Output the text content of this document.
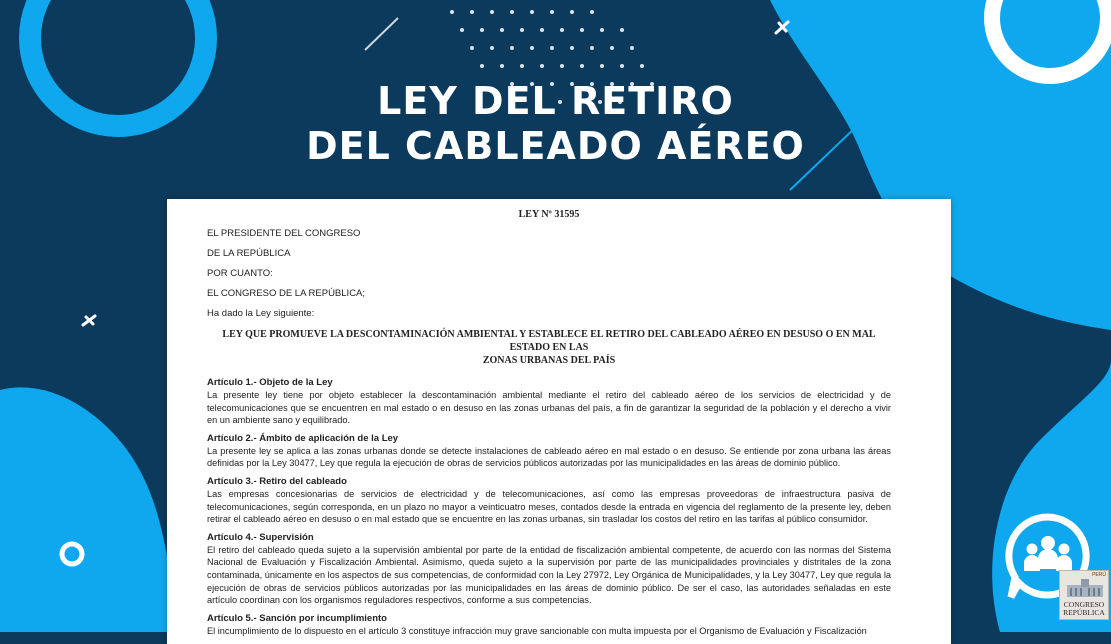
LEY DEL RETIRO
DEL CABLEADO AÉREO
LEY Nº 31595
EL PRESIDENTE DEL CONGRESO
DE LA REPÚBLICA
POR CUANTO:
EL CONGRESO DE LA REPÚBLICA;
Ha dado la Ley siguiente:
LEY QUE PROMUEVE LA DESCONTAMINACIÓN AMBIENTAL Y ESTABLECE EL RETIRO DEL CABLEADO AÉREO EN DESUSO O EN MAL ESTADO EN LAS
ZONAS URBANAS DEL PAÍS
Artículo 1.- Objeto de la Ley
La presente ley tiene por objeto establecer la descontaminación ambiental mediante el retiro del cableado aéreo de los servicios de electricidad y de telecomunicaciones que se encuentren en mal estado o en desuso en las zonas urbanas del país, a fin de garantizar la seguridad de la población y el derecho a vivir en un ambiente sano y equilibrado.
Artículo 2.- Ámbito de aplicación de la Ley
La presente ley se aplica a las zonas urbanas donde se detecte instalaciones de cableado aéreo en mal estado o en desuso. Se entiende por zona urbana las áreas definidas por la Ley 30477, Ley que regula la ejecución de obras de servicios públicos autorizadas por las municipalidades en las áreas de dominio público.
Artículo 3.- Retiro del cableado
Las empresas concesionarias de servicios de electricidad y de telecomunicaciones, así como las empresas proveedoras de infraestructura pasiva de telecomunicaciones, según corresponda, en un plazo no mayor a veinticuatro meses, contados desde la entrada en vigencia del reglamento de la presente ley, deben retirar el cableado aéreo en desuso o en mal estado que se encuentre en las zonas urbanas, sin trasladar los costos del retiro en las tarifas al público consumidor.
Artículo 4.- Supervisión
El retiro del cableado queda sujeto a la supervisión ambiental por parte de la entidad de fiscalización ambiental competente, de acuerdo con las normas del Sistema Nacional de Evaluación y Fiscalización Ambiental. Asimismo, queda sujeto a la supervisión por parte de las municipalidades provinciales y distritales de la zona contaminada, únicamente en los aspectos de sus competencias, de conformidad con la Ley 27972, Ley Orgánica de Municipalidades, y la Ley 30477, Ley que regula la ejecución de obras de servicios públicos autorizadas por las municipalidades en las áreas de dominio público. De ser el caso, las autoridades señaladas en este artículo coordinan con los organismos reguladores respectivos, conforme a sus competencias.
Artículo 5.- Sanción por incumplimiento
El incumplimiento de lo dispuesto en el artículo 3 constituye infracción muy grave sancionable con multa impuesta por el Organismo de Evaluación y Fiscalización
PERÚ
CONGRESO
REPÚBLICA
